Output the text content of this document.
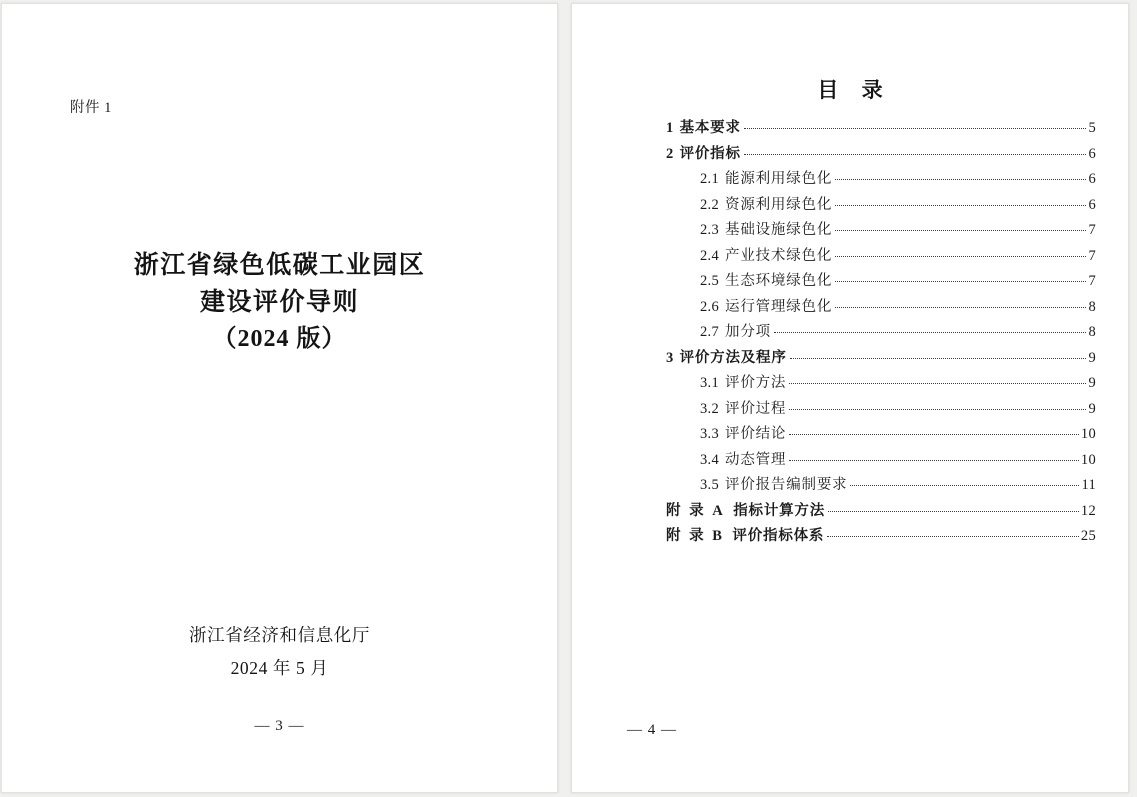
附件 1
浙江省绿色低碳工业园区
建设评价导则
（2024 版）
浙江省经济和信息化厅
2024 年 5 月
— 3 —
目 录
1 基本要求	5
2 评价指标	6
2.1 能源利用绿色化	6
2.2 资源利用绿色化	6
2.3 基础设施绿色化	7
2.4 产业技术绿色化	7
2.5 生态环境绿色化	7
2.6 运行管理绿色化	8
2.7 加分项	8
3 评价方法及程序	9
3.1 评价方法	9
3.2 评价过程	9
3.3 评价结论	10
3.4 动态管理	10
3.5 评价报告编制要求	11
附 录 A 指标计算方法	12
附 录 B 评价指标体系	25
— 4 —
